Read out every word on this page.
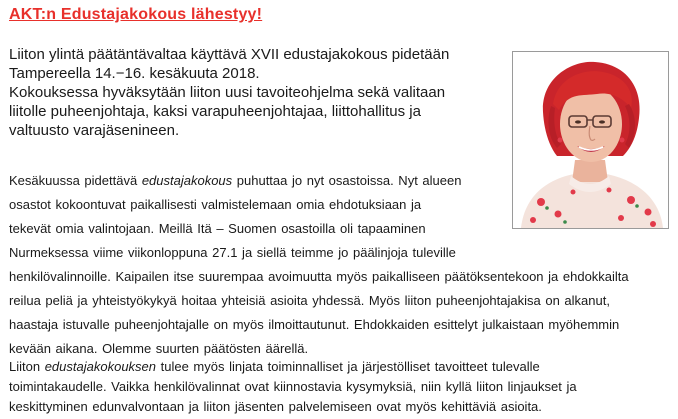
AKT:n Edustajakokous lähestyy!

Liiton ylintä päätäntävaltaa käyttävä XVII edustajakokous pidetään

Tampereella 14.−16. kesäkuuta 2018.

Kokouksessa hyväksytään liiton uusi tavoiteohjelma sekä valitaan

liitolle puheenjohtaja, kaksi varapuheenjohtajaa, liittohallitus ja

valtuusto varajäsenineen.

Kesäkuussa pidettävä edustajakokous puhuttaa jo nyt osastoissa. Nyt alueen
osastot kokoontuvat paikallisesti valmistelemaan omia ehdotuksiaan ja
tekevät omia valintojaan. Meillä Itä – Suomen osastoilla oli tapaaminen
Nurmeksessa viime viikonloppuna 27.1 ja siellä teimme jo päälinjoja tuleville
henkilövalinnoille. Kaipailen itse suurempaa avoimuutta myös paikalliseen päätöksentekoon ja ehdokkailta
reilua peliä ja yhteistyökykyä hoitaa yhteisiä asioita yhdessä. Myös liiton puheenjohtajakisa on alkanut,
haastaja istuvalle puheenjohtajalle on myös ilmoittautunut. Ehdokkaiden esittelyt julkaistaan myöhemmin
kevään aikana. Olemme suurten päätösten äärellä.
Liiton edustajakokouksen tulee myös linjata toiminnalliset ja järjestölliset tavoitteet tulevalle
toimintakaudelle. Vaikka henkilövalinnat ovat kiinnostavia kysymyksiä, niin kyllä liiton linjaukset ja
keskittyminen edunvalvontaan ja liiton jäsenten palvelemiseen ovat myös kehittäviä asioita.
